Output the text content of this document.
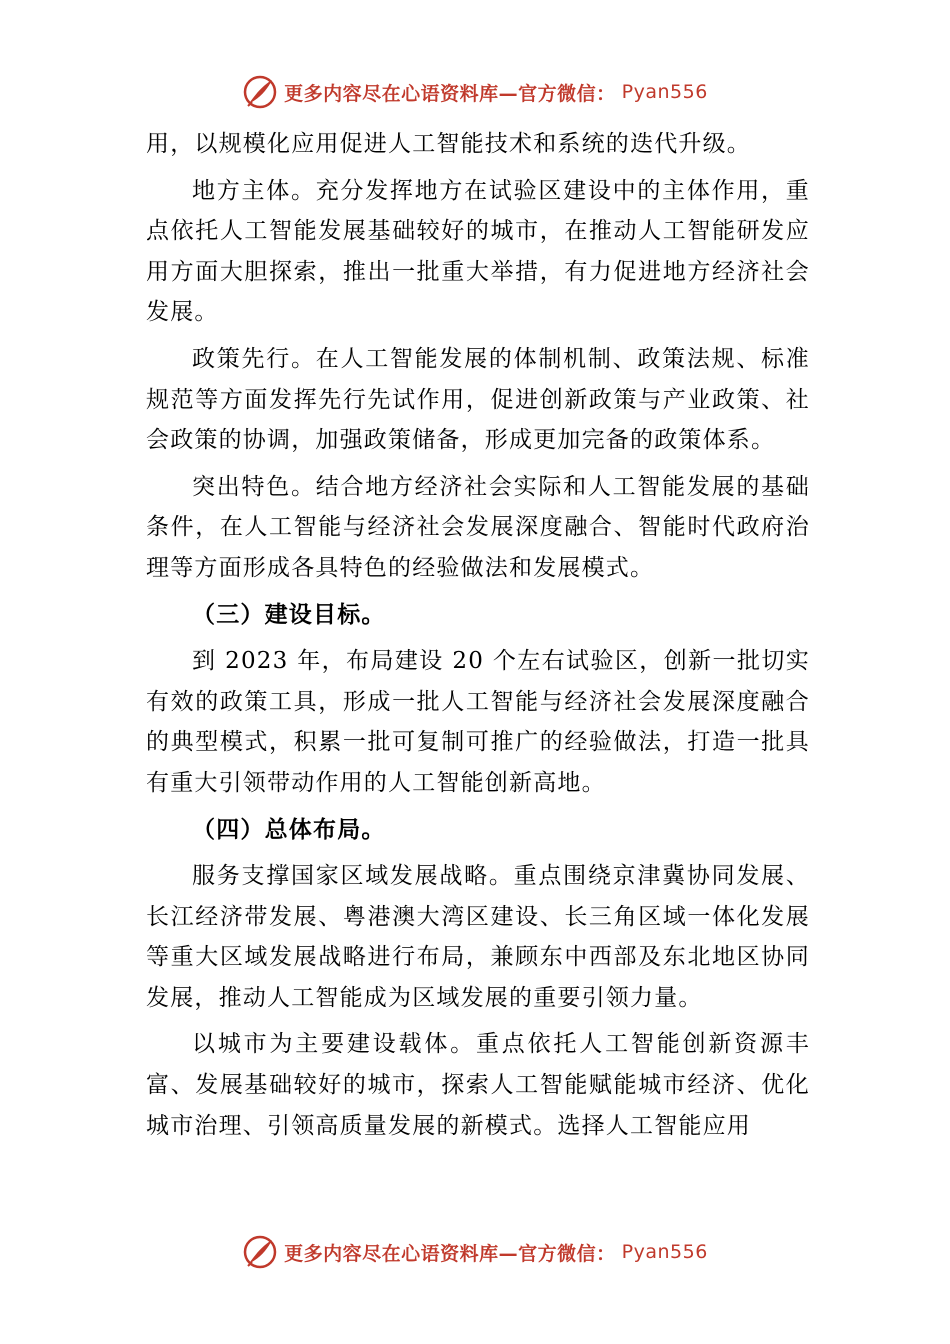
更多内容尽在心语资料库—官方微信： Pyan556

用，以规模化应用促进人工智能技术和系统的迭代升级。

地方主体。充分发挥地方在试验区建设中的主体作用，重点依托人工智能发展基础较好的城市，在推动人工智能研发应用方面大胆探索，推出一批重大举措，有力促进地方经济社会发展。

政策先行。在人工智能发展的体制机制、政策法规、标准规范等方面发挥先行先试作用，促进创新政策与产业政策、社会政策的协调，加强政策储备，形成更加完备的政策体系。

突出特色。结合地方经济社会实际和人工智能发展的基础条件，在人工智能与经济社会发展深度融合、智能时代政府治理等方面形成各具特色的经验做法和发展模式。

（三）建设目标。

到 2023 年，布局建设 20 个左右试验区，创新一批切实有效的政策工具，形成一批人工智能与经济社会发展深度融合的典型模式，积累一批可复制可推广的经验做法，打造一批具有重大引领带动作用的人工智能创新高地。

（四）总体布局。

服务支撑国家区域发展战略。重点围绕京津冀协同发展、长江经济带发展、粤港澳大湾区建设、长三角区域一体化发展等重大区域发展战略进行布局，兼顾东中西部及东北地区协同发展，推动人工智能成为区域发展的重要引领力量。

以城市为主要建设载体。重点依托人工智能创新资源丰富、发展基础较好的城市，探索人工智能赋能城市经济、优化城市治理、引领高质量发展的新模式。选择人工智能应用

更多内容尽在心语资料库—官方微信： Pyan556
